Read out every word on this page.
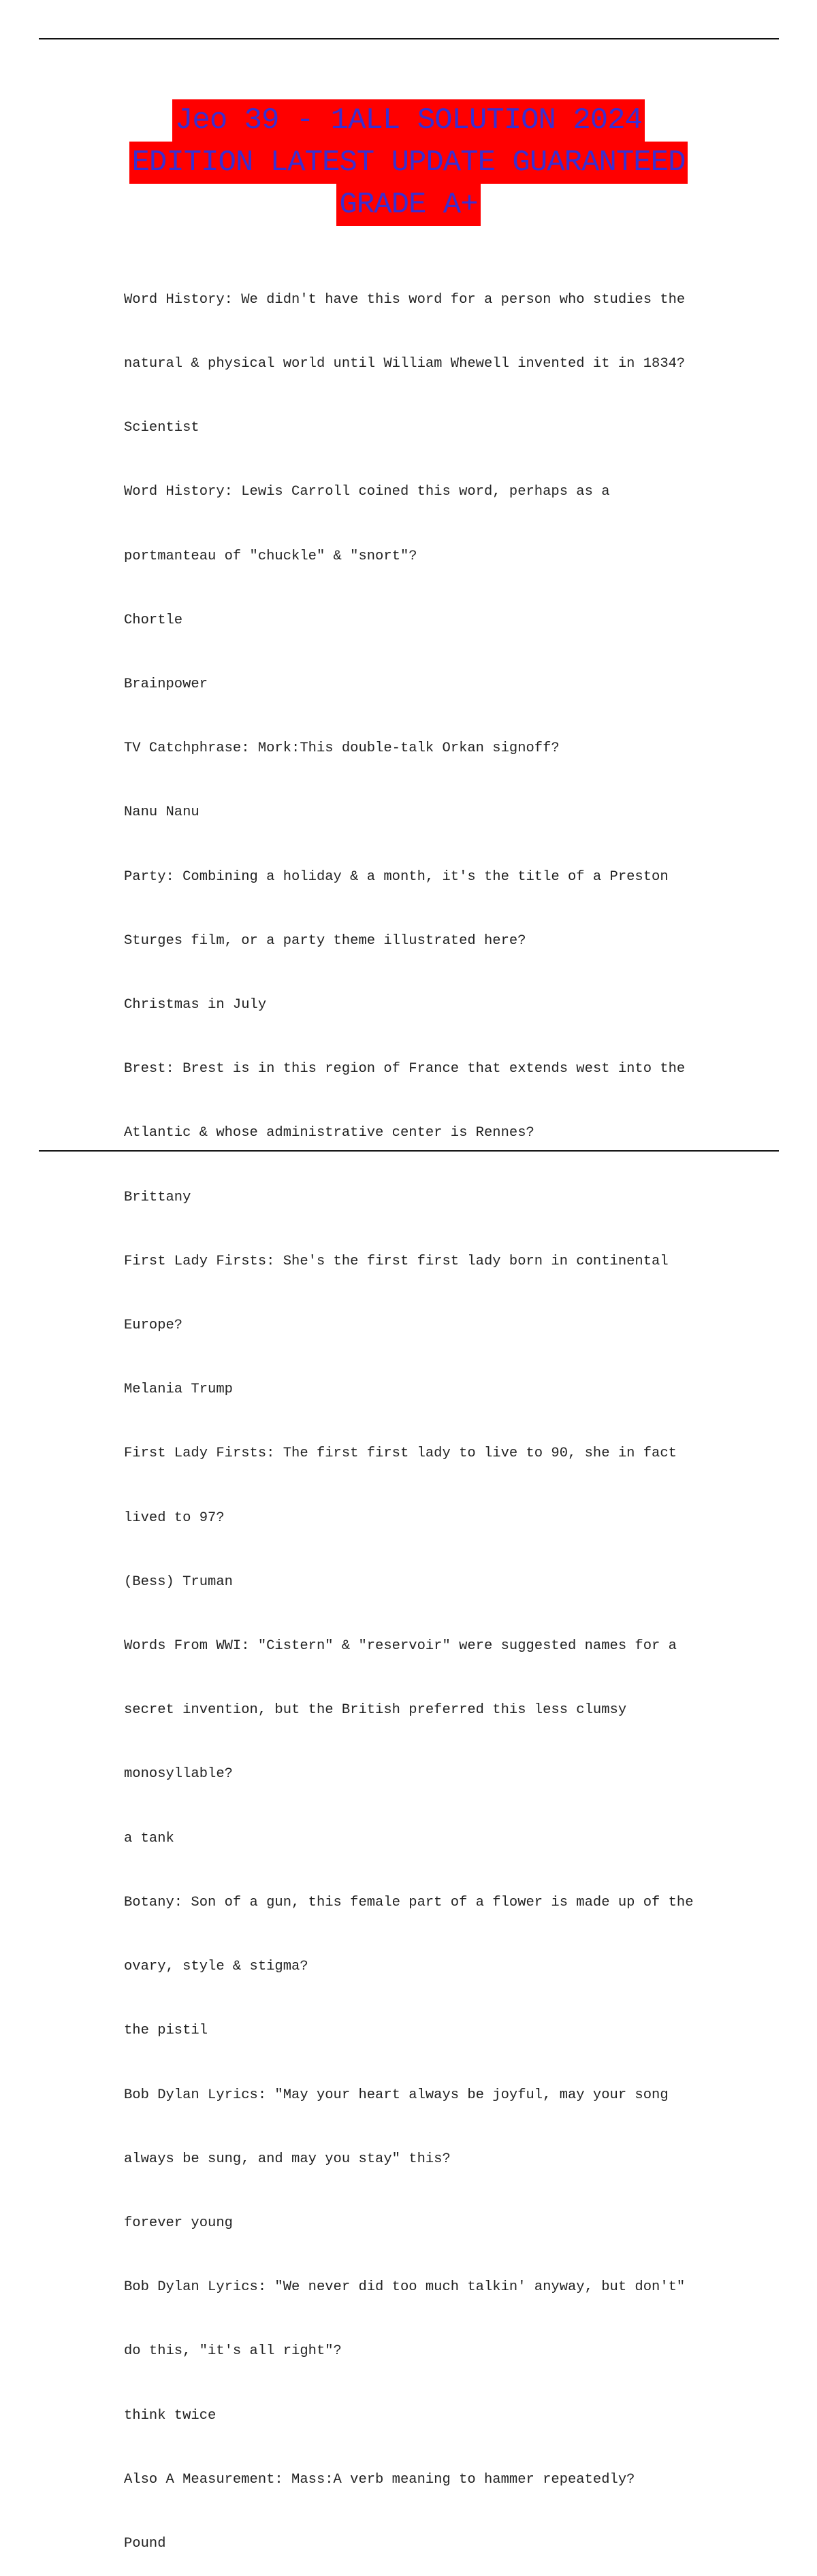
Jeo 39 - 1ALL SOLUTION 2024
EDITION LATEST UPDATE GUARANTEED
GRADE A+

Word History: We didn't have this word for a person who studies the

natural & physical world until William Whewell invented it in 1834?

Scientist

Word History: Lewis Carroll coined this word, perhaps as a

portmanteau of "chuckle" & "snort"?

Chortle

Brainpower

TV Catchphrase: Mork:This double-talk Orkan signoff?

Nanu Nanu

Party: Combining a holiday & a month, it's the title of a Preston

Sturges film, or a party theme illustrated here?

Christmas in July

Brest: Brest is in this region of France that extends west into the

Atlantic & whose administrative center is Rennes?

Brittany

First Lady Firsts: She's the first first lady born in continental

Europe?

Melania Trump

First Lady Firsts: The first first lady to live to 90, she in fact

lived to 97?

(Bess) Truman

Words From WWI: "Cistern" & "reservoir" were suggested names for a

secret invention, but the British preferred this less clumsy

monosyllable?

a tank

Botany: Son of a gun, this female part of a flower is made up of the

ovary, style & stigma?

the pistil

Bob Dylan Lyrics: "May your heart always be joyful, may your song

always be sung, and may you stay" this?

forever young

Bob Dylan Lyrics: "We never did too much talkin' anyway, but don't"

do this, "it's all right"?

think twice

Also A Measurement: Mass:A verb meaning to hammer repeatedly?

Pound
